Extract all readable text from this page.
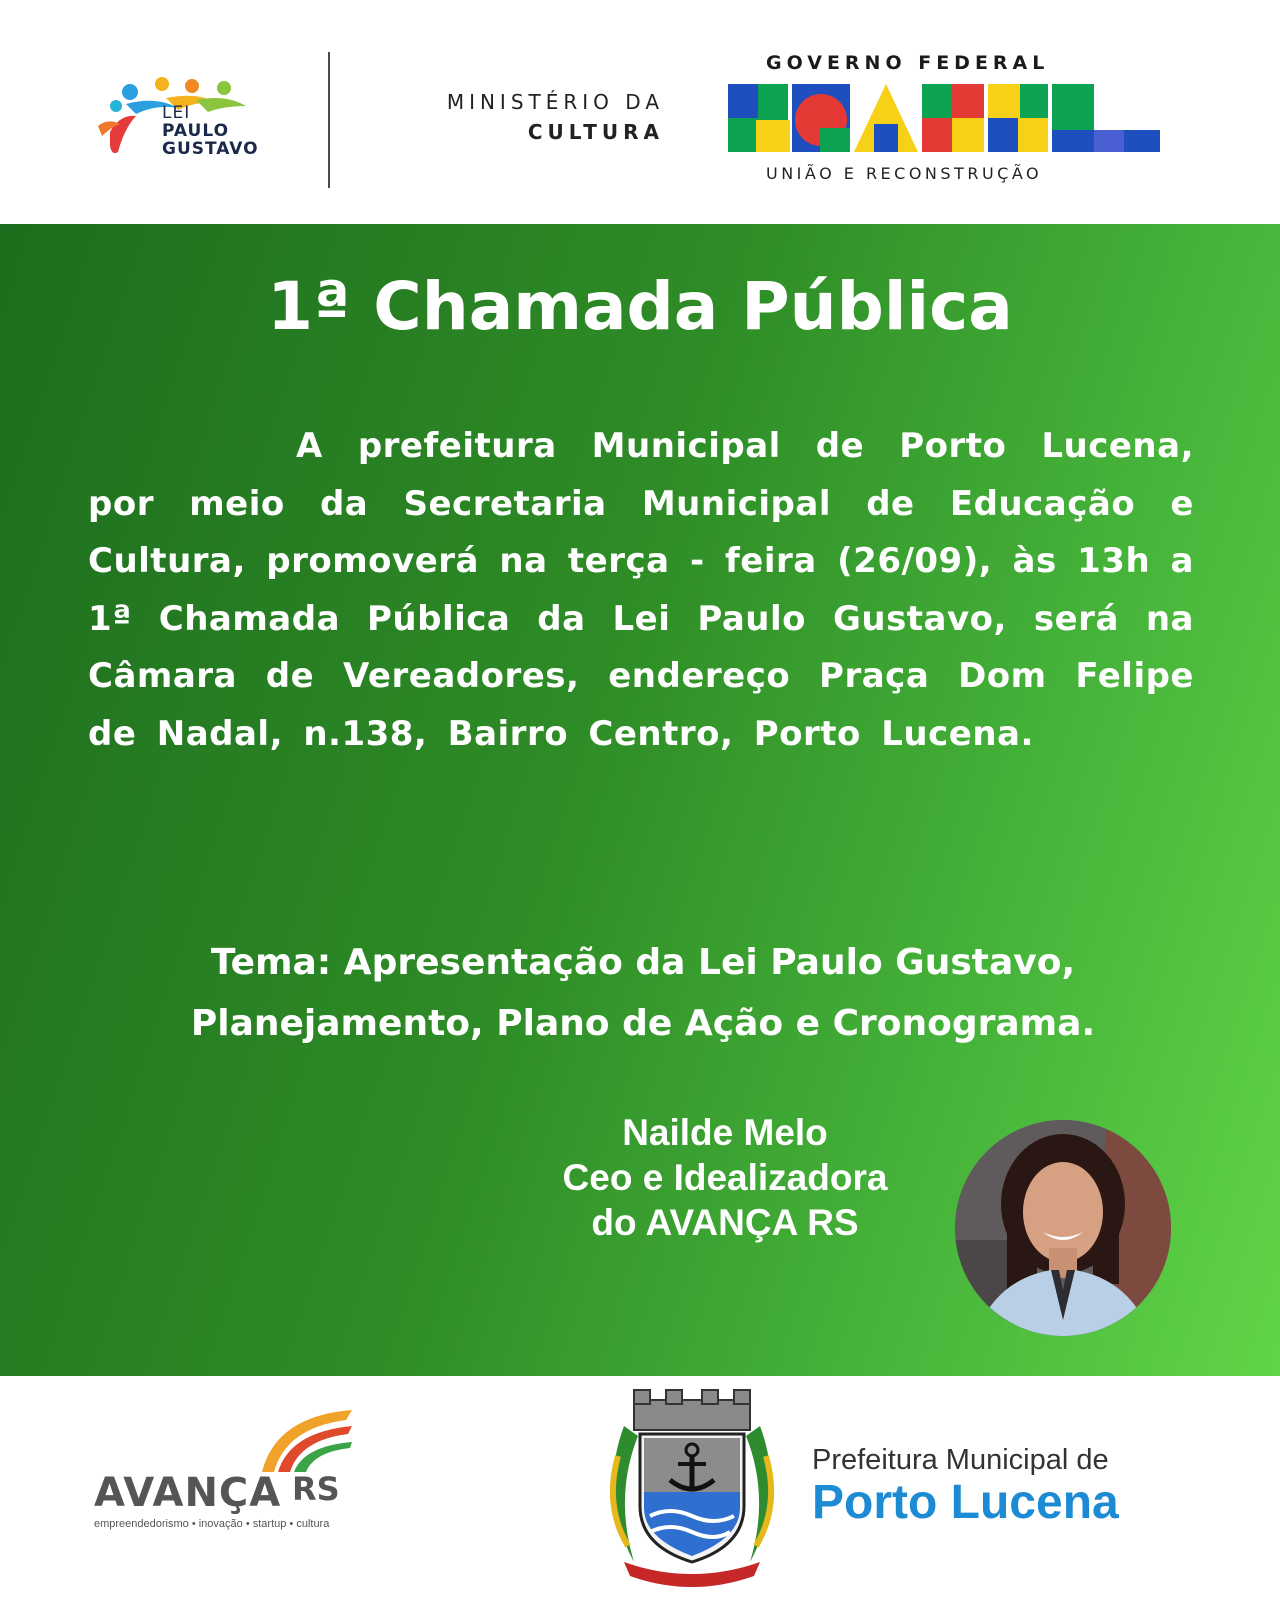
LEI
PAULO
GUSTAVO
MINISTÉRIO DA
CULTURA
GOVERNO FEDERAL
UNIÃO E RECONSTRUÇÃO
1ª Chamada Pública
A prefeitura Municipal de Porto Lucena, por meio da Secretaria Municipal de Educação e Cultura, promoverá na terça - feira (26/09), às 13h a 1ª Chamada Pública da Lei Paulo Gustavo, será na Câmara de Vereadores, endereço Praça Dom Felipe de Nadal, n.138, Bairro Centro, Porto Lucena.
Tema: Apresentação da Lei Paulo Gustavo,
Planejamento, Plano de Ação e Cronograma.
Nailde Melo
Ceo e Idealizadora
do AVANÇA RS
AVANÇA RS
empreendedorismo • inovação • startup • cultura
Prefeitura Municipal de
Porto Lucena
